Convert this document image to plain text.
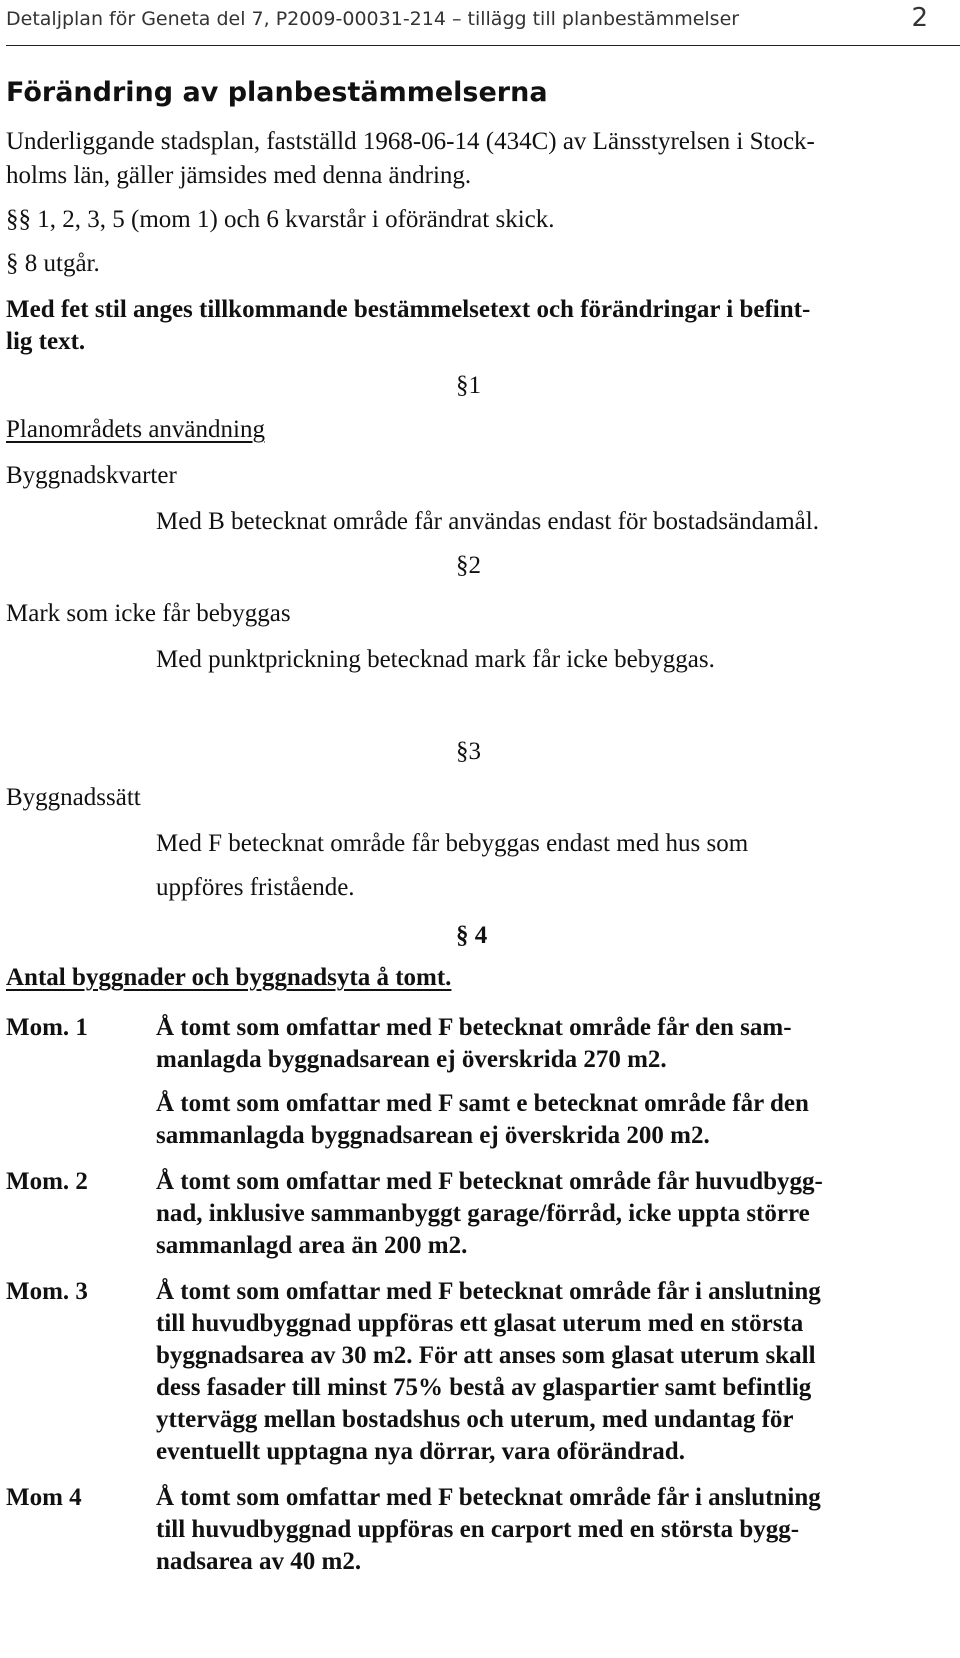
Detaljplan för Geneta del 7, P2009-00031-214 – tillägg till planbestämmelser	2
Förändring av planbestämmelserna
Underliggande stadsplan, fastställd 1968-06-14 (434C) av Länsstyrelsen i Stock-
holms län, gäller jämsides med denna ändring.
§§ 1, 2, 3, 5 (mom 1) och 6 kvarstår i oförändrat skick.
§ 8 utgår.
Med fet stil anges tillkommande bestämmelsetext och förändringar i befint-
lig text.
§1
Planområdets användning
Byggnadskvarter
Med B betecknat område får användas endast för bostadsändamål.
§2
Mark som icke får bebyggas
Med punktprickning betecknad mark får icke bebyggas.
§3
Byggnadssätt
Med F betecknat område får bebyggas endast med hus som
uppföres fristående.
§ 4
Antal byggnader och byggnadsyta å tomt.
Mom. 1	Å tomt som omfattar med F betecknat område får den sam-
manlagda byggnadsarean ej överskrida 270 m2.
Å tomt som omfattar med F samt e betecknat område får den
sammanlagda byggnadsarean ej överskrida 200 m2.
Mom. 2	Å tomt som omfattar med F betecknat område får huvudbygg-
nad, inklusive sammanbyggt garage/förråd, icke uppta större
sammanlagd area än 200 m2.
Mom. 3	Å tomt som omfattar med F betecknat område får i anslutning
till huvudbyggnad uppföras ett glasat uterum med en största
byggnadsarea av 30 m2. För att anses som glasat uterum skall
dess fasader till minst 75% bestå av glaspartier samt befintlig
yttervägg mellan bostadshus och uterum, med undantag för
eventuellt upptagna nya dörrar, vara oförändrad.
Mom 4	Å tomt som omfattar med F betecknat område får i anslutning
till huvudbyggnad uppföras en carport med en största bygg-
nadsarea av 40 m2.
